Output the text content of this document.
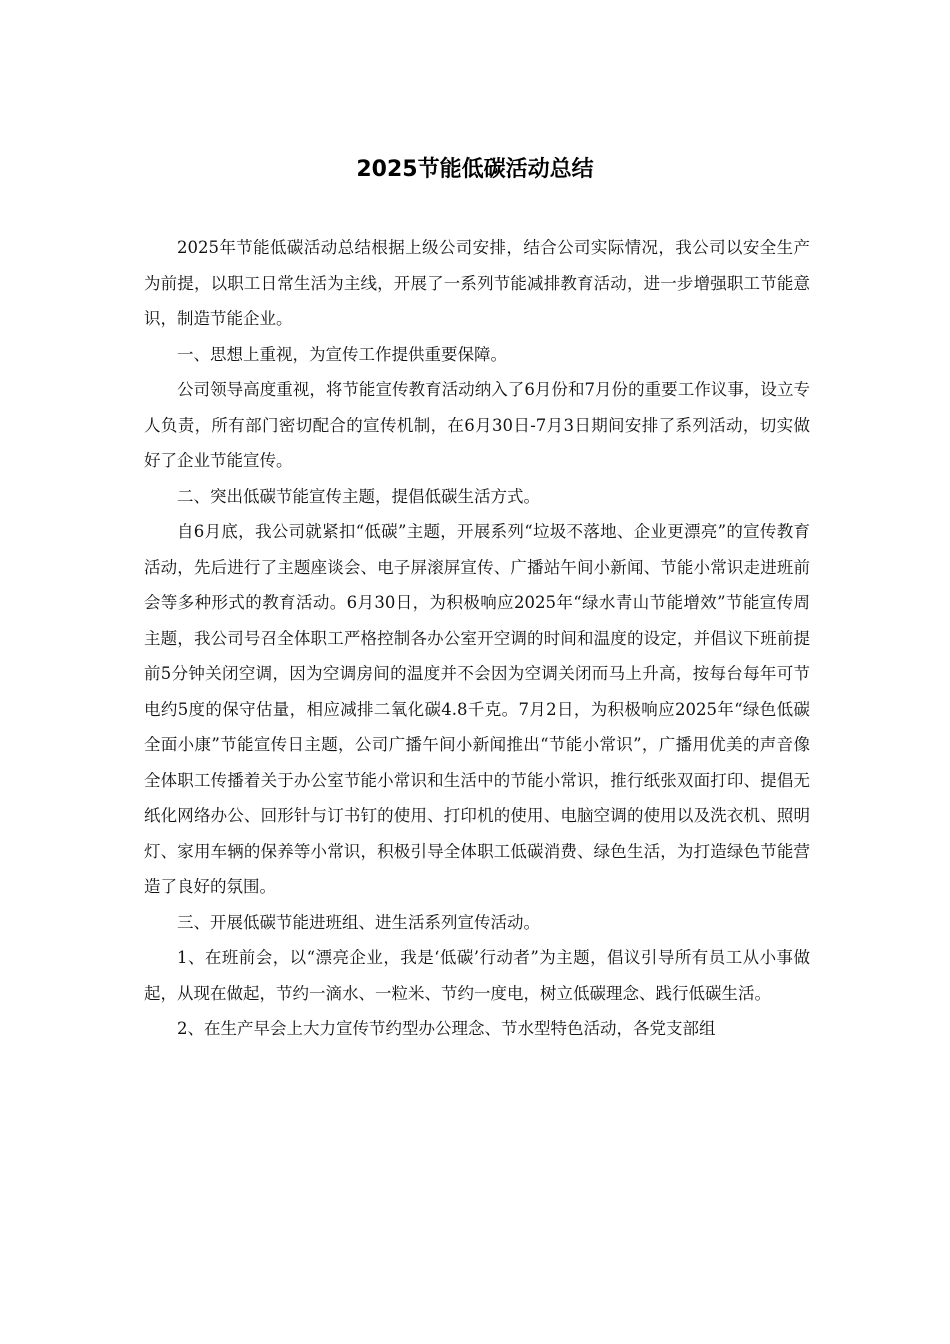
2025节能低碳活动总结

2025年节能低碳活动总结根据上级公司安排，结合公司实际情况，我公司以安全生产为前提，以职工日常生活为主线，开展了一系列节能减排教育活动，进一步增强职工节能意识，制造节能企业。

一、思想上重视，为宣传工作提供重要保障。

公司领导高度重视，将节能宣传教育活动纳入了6月份和7月份的重要工作议事，设立专人负责，所有部门密切配合的宣传机制，在6月30日-7月3日期间安排了系列活动，切实做好了企业节能宣传。

二、突出低碳节能宣传主题，提倡低碳生活方式。

自6月底，我公司就紧扣“低碳”主题，开展系列“垃圾不落地、企业更漂亮”的宣传教育活动，先后进行了主题座谈会、电子屏滚屏宣传、广播站午间小新闻、节能小常识走进班前会等多种形式的教育活动。6月30日，为积极响应2025年“绿水青山节能增效”节能宣传周主题，我公司号召全体职工严格控制各办公室开空调的时间和温度的设定，并倡议下班前提前5分钟关闭空调，因为空调房间的温度并不会因为空调关闭而马上升高，按每台每年可节电约5度的保守估量，相应减排二氧化碳4.8千克。7月2日，为积极响应2025年“绿色低碳全面小康”节能宣传日主题，公司广播午间小新闻推出“节能小常识”，广播用优美的声音像全体职工传播着关于办公室节能小常识和生活中的节能小常识，推行纸张双面打印、提倡无纸化网络办公、回形针与订书钉的使用、打印机的使用、电脑空调的使用以及洗衣机、照明灯、家用车辆的保养等小常识，积极引导全体职工低碳消费、绿色生活，为打造绿色节能营造了良好的氛围。

三、开展低碳节能进班组、进生活系列宣传活动。

1、在班前会，以“漂亮企业，我是‘低碳’行动者”为主题，倡议引导所有员工从小事做起，从现在做起，节约一滴水、一粒米、节约一度电，树立低碳理念、践行低碳生活。

2、在生产早会上大力宣传节约型办公理念、节水型特色活动，各党支部组
